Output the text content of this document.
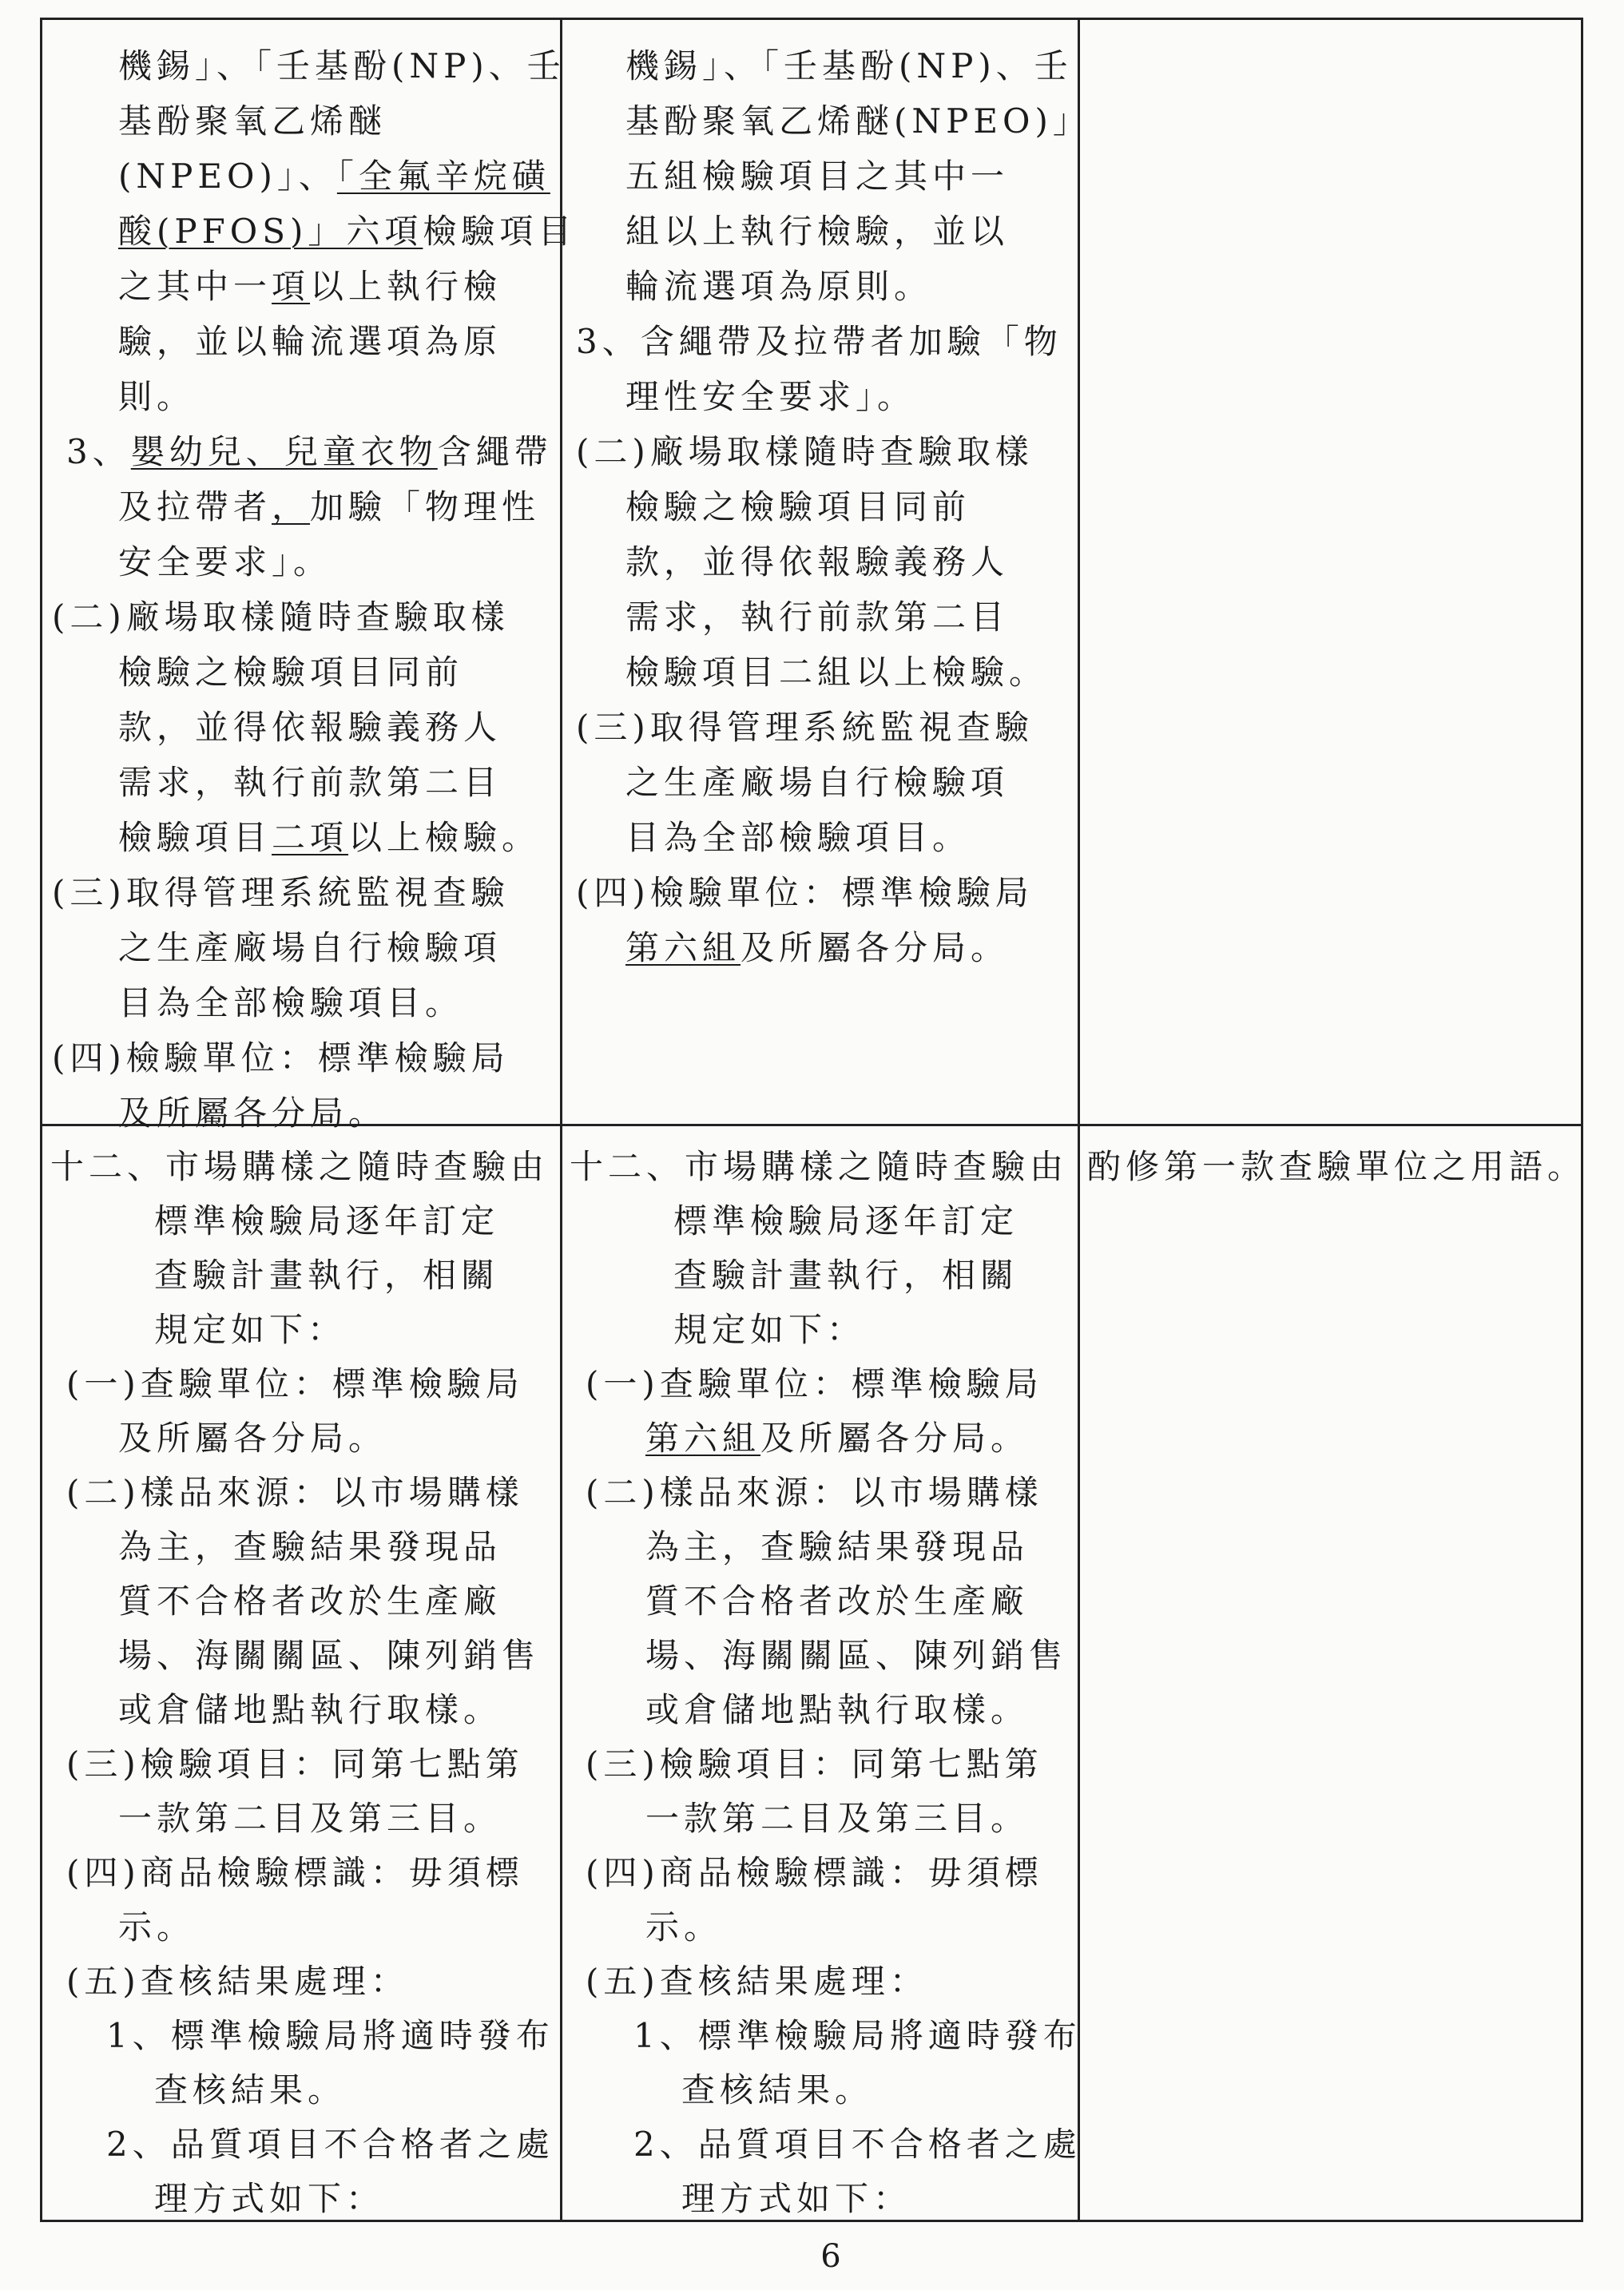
機錫」、「壬基酚(NP)、壬
基酚聚氧乙烯醚
(NPEO)」、「全氟辛烷磺
酸(PFOS)」六項檢驗項目
之其中一項以上執行檢
驗，並以輪流選項為原
則。
3、嬰幼兒、兒童衣物含繩帶
及拉帶者，加驗「物理性
安全要求」。
(二)廠場取樣隨時查驗取樣
檢驗之檢驗項目同前
款，並得依報驗義務人
需求，執行前款第二目
檢驗項目二項以上檢驗。
(三)取得管理系統監視查驗
之生產廠場自行檢驗項
目為全部檢驗項目。
(四)檢驗單位：標準檢驗局
及所屬各分局。
機錫」、「壬基酚(NP)、壬
基酚聚氧乙烯醚(NPEO)」
五組檢驗項目之其中一
組以上執行檢驗，並以
輪流選項為原則。
3、含繩帶及拉帶者加驗「物
理性安全要求」。
(二)廠場取樣隨時查驗取樣
檢驗之檢驗項目同前
款，並得依報驗義務人
需求，執行前款第二目
檢驗項目二組以上檢驗。
(三)取得管理系統監視查驗
之生產廠場自行檢驗項
目為全部檢驗項目。
(四)檢驗單位：標準檢驗局
第六組及所屬各分局。
十二、市場購樣之隨時查驗由
標準檢驗局逐年訂定
查驗計畫執行，相關
規定如下：
(一)查驗單位：標準檢驗局
及所屬各分局。
(二)樣品來源：以市場購樣
為主，查驗結果發現品
質不合格者改於生產廠
場、海關關區、陳列銷售
或倉儲地點執行取樣。
(三)檢驗項目：同第七點第
一款第二目及第三目。
(四)商品檢驗標識：毋須標
示。
(五)查核結果處理：
1、標準檢驗局將適時發布
查核結果。
2、品質項目不合格者之處
理方式如下：
十二、市場購樣之隨時查驗由
標準檢驗局逐年訂定
查驗計畫執行，相關
規定如下：
(一)查驗單位：標準檢驗局
第六組及所屬各分局。
(二)樣品來源：以市場購樣
為主，查驗結果發現品
質不合格者改於生產廠
場、海關關區、陳列銷售
或倉儲地點執行取樣。
(三)檢驗項目：同第七點第
一款第二目及第三目。
(四)商品檢驗標識：毋須標
示。
(五)查核結果處理：
1、標準檢驗局將適時發布
查核結果。
2、品質項目不合格者之處
理方式如下：
酌修第一款查驗單位之用語。
6
